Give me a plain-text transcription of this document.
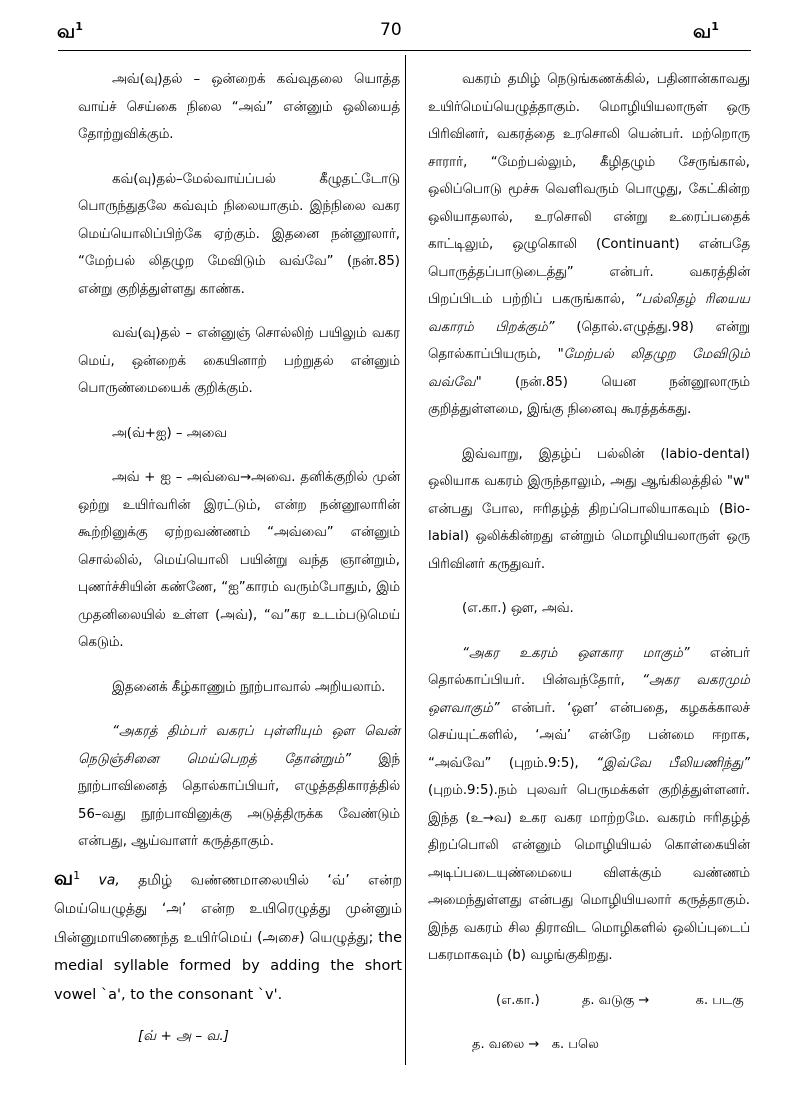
வ$^1$	70	வ$^1$

அவ்(வு)தல் – ஒன்றைக் கவ்வுதலை யொத்த வாய்ச் செய்கை நிலை “அவ்” என்னும் ஒலியைத் தோற்றுவிக்கும்.

கவ்(வு)தல்–மேல்வாய்ப்பல் கீழுதட்டோடு பொருந்துதலே கவ்வும் நிலையாகும். இந்நிலை வகர மெய்யொலிப்பிற்கே ஏற்கும். இதனை நன்னூலார், “மேற்பல் லிதழுற மேவிடும் வவ்வே” (நன்.85) என்று குறித்துள்ளது காண்க.

வவ்(வு)தல் – என்னுஞ் சொல்லிற் பயிலும் வகர மெய், ஒன்றைக் கையினாற் பற்றுதல் என்னும் பொருண்மையைக் குறிக்கும்.

அ(வ்+ஐ) – அவை

அவ் + ஐ – அவ்வை→அவை. தனிக்குறில் முன் ஒற்று உயிர்வரின் இரட்டும், என்ற நன்னூலாரின் கூற்றினுக்கு ஏற்றவண்ணம் “அவ்வை” என்னும் சொல்லில், மெய்யொலி பயின்று வந்த ஞான்றும், புணர்ச்சியின் கண்ணே, “ஐ”காரம் வரும்போதும், இம் முதனிலையில் உள்ள (அவ்), “வ”கர உடம்படுமெய் கெடும்.

இதனைக் கீழ்காணும் நூற்பாவால் அறியலாம்.

“அகரத் திம்பர் வகரப் புள்ளியும் ஔ வென் நெடுஞ்சினை மெய்பெறத் தோன்றும்” இந் நூற்பாவினைத் தொல்காப்பியர், எழுத்ததிகாரத்தில் 56–வது நூற்பாவினுக்கு அடுத்திருக்க வேண்டும் என்பது, ஆய்வாளர் கருத்தாகும்.

வ$^1$ va, தமிழ் வண்ணமாலையில் ‘வ்’ என்ற மெய்யெழுத்து ‘அ’ என்ற உயிரெழுத்து முன்னும் பின்னுமாயிணைந்த உயிர்மெய் (அசை) யெழுத்து; the medial syllable formed by adding the short vowel `a', to the consonant `v'.

[வ் + அ – வ.]

வகரம் தமிழ் நெடுங்கணக்கில், பதினான்காவது உயிர்மெய்யெழுத்தாகும். மொழியியலாருள் ஒரு பிரிவினர், வகரத்தை உரசொலி யென்பர். மற்றொரு சாரார், “மேற்பல்லும், கீழிதழும் சேருங்கால், ஒலிப்பொடு மூச்சு வெளிவரும் பொழுது, கேட்கின்ற ஒலியாதலால், உரசொலி என்று உரைப்பதைக் காட்டிலும், ஒழுகொலி (Continuant) என்பதே பொருத்தப்பாடுடைத்து” என்பர். வகரத்தின் பிறப்பிடம் பற்றிப் பகருங்கால், “பல்லிதழ் ரியைய வகாரம் பிறக்கும்” (தொல்.எழுத்து.98) என்று தொல்காப்பியரும், "மேற்பல் லிதழுற மேவிடும் வவ்வே" (நன்.85) யென நன்னூலாரும் குறித்துள்ளமை, இங்கு நினைவு கூரத்தக்கது.

இவ்வாறு, இதழ்ப் பல்லின் (labio-dental) ஒலியாக வகரம் இருந்தாலும், அது ஆங்கிலத்தில் "w" என்பது போல, ஈரிதழ்த் திறப்பொலியாகவும் (Bio-labial) ஒலிக்கின்றது என்றும் மொழியியலாருள் ஒரு பிரிவினர் கருதுவர்.

(எ.கா.) ஔ, அவ்.

“அகர உகரம் ஔகார மாகும்” என்பர் தொல்காப்பியர். பின்வந்தோர், “அகர வகரமும் ஔவாகும்” என்பர். ‘ஔ’ என்பதை, கழகக்காலச் செய்யுட்களில், ‘அவ்’ என்றே பன்மை ஈறாக, “அவ்வே” (புறம்.9:5), “இவ்வே பீலியணிந்து” (புறம்.9:5).நம் புலவர் பெருமக்கள் குறித்துள்ளனர். இந்த (உ→வ) உகர வகர மாற்றமே. வகரம் ஈரிதழ்த் திறப்பொலி என்னும் மொழியியல் கொள்கையின் அடிப்படையுண்மையை விளக்கும் வண்ணம் அமைந்துள்ளது என்பது மொழியியலார் கருத்தாகும். இந்த வகரம் சில திராவிட மொழிகளில் ஒலிப்புடைப் பகரமாகவும் (b) வழங்குகிறது.

(எ.கா.)	த. வடுகு →	க. படகு

த. வலை → க. பலெ
